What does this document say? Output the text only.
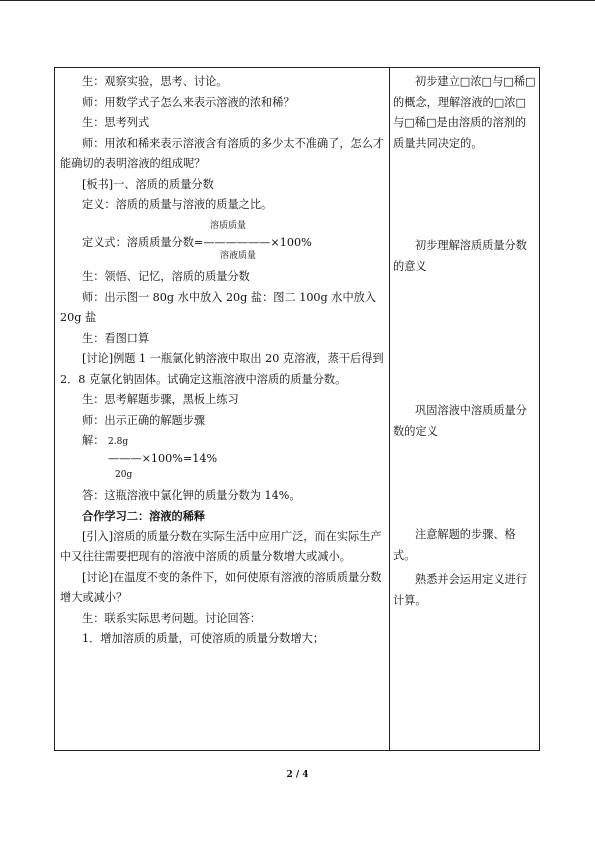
生：观察实验，思考、讨论。

师：用数学式子怎么来表示溶液的浓和稀？

生：思考列式

师：用浓和稀来表示溶液含有溶质的多少太不准确了，怎么才能确切的表明溶液的组成呢？

[板书]一、溶质的质量分数

定义：溶质的质量与溶液的质量之比。

溶质质量

定义式：溶质质量分数=——————×100%

溶液质量

生：领悟、记忆，溶质的质量分数

师：出示图一 80g 水中放入 20g 盐：图二 100g 水中放入 20g 盐

生：看图口算

[讨论]例题 1 一瓶氯化钠溶液中取出 20 克溶液，蒸干后得到 2．8 克氯化钠固体。试确定这瓶溶液中溶质的质量分数。

生：思考解题步骤，黑板上练习

师：出示正确的解题步骤

解： 2.8g
———×100%=14%
20g

答：这瓶溶液中氯化钾的质量分数为 14%。

合作学习二：溶液的稀释

[引入]溶质的质量分数在实际生活中应用广泛，而在实际生产中又往往需要把现有的溶液中溶质的质量分数增大或减小。

[讨论]在温度不变的条件下，如何使原有溶液的溶质质量分数增大或减小？

生：联系实际思考问题。讨论回答：

1．增加溶质的质量，可使溶质的质量分数增大；

初步建立□浓□与□稀□的概念，理解溶液的□浓□与□稀□是由溶质的溶剂的质量共同决定的。

初步理解溶质质量分数的意义

巩固溶液中溶质质量分数的定义

注意解题的步骤、格式。

熟悉并会运用定义进行计算。

2 / 4
